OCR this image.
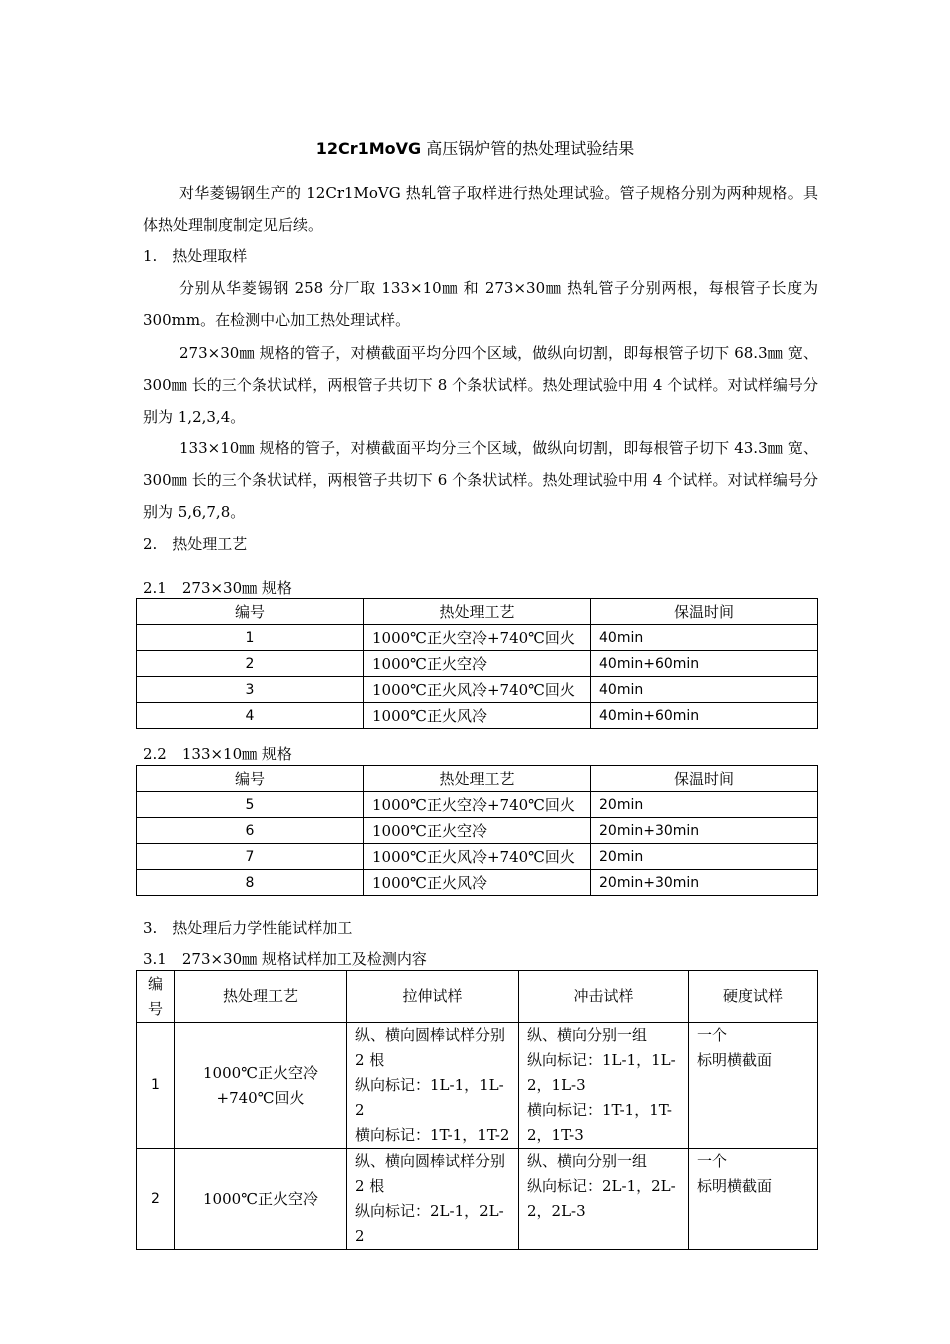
12Cr1MoVG 高压锅炉管的热处理试验结果
对华菱锡钢生产的 12Cr1MoVG 热轧管子取样进行热处理试验。管子规格分别为两种规格。具体热处理制度制定见后续。
1.　热处理取样
分别从华菱锡钢 258 分厂取 133×10㎜ 和 273×30㎜ 热轧管子分别两根，每根管子长度为 300mm。在检测中心加工热处理试样。
273×30㎜ 规格的管子，对横截面平均分四个区域，做纵向切割，即每根管子切下 68.3㎜ 宽、300㎜ 长的三个条状试样，两根管子共切下 8 个条状试样。热处理试验中用 4 个试样。对试样编号分别为 1,2,3,4。
133×10㎜ 规格的管子，对横截面平均分三个区域，做纵向切割，即每根管子切下 43.3㎜ 宽、300㎜ 长的三个条状试样，两根管子共切下 6 个条状试样。热处理试验中用 4 个试样。对试样编号分别为 5,6,7,8。
2.　热处理工艺
2.1　273×30㎜ 规格
编号	热处理工艺	保温时间
1	1000℃正火空冷+740℃回火	40min
2	1000℃正火空冷	40min+60min
3	1000℃正火风冷+740℃回火	40min
4	1000℃正火风冷	40min+60min
2.2　133×10㎜ 规格
编号	热处理工艺	保温时间
5	1000℃正火空冷+740℃回火	20min
6	1000℃正火空冷	20min+30min
7	1000℃正火风冷+740℃回火	20min
8	1000℃正火风冷	20min+30min
3.　热处理后力学性能试样加工
3.1　273×30㎜ 规格试样加工及检测内容
编
号	热处理工艺	拉伸试样	冲击试样	硬度试样
1	1000℃正火空冷
+740℃回火	纵、横向圆棒试样分别 2 根
纵向标记：1L-1，1L-2
横向标记：1T-1，1T-2	纵、横向分别一组
纵向标记：1L-1，1L-2，1L-3
横向标记：1T-1，1T-2，1T-3	一个
标明横截面
2	1000℃正火空冷	纵、横向圆棒试样分别 2 根
纵向标记：2L-1，2L-2	纵、横向分别一组
纵向标记：2L-1，2L-2，2L-3	一个
标明横截面
